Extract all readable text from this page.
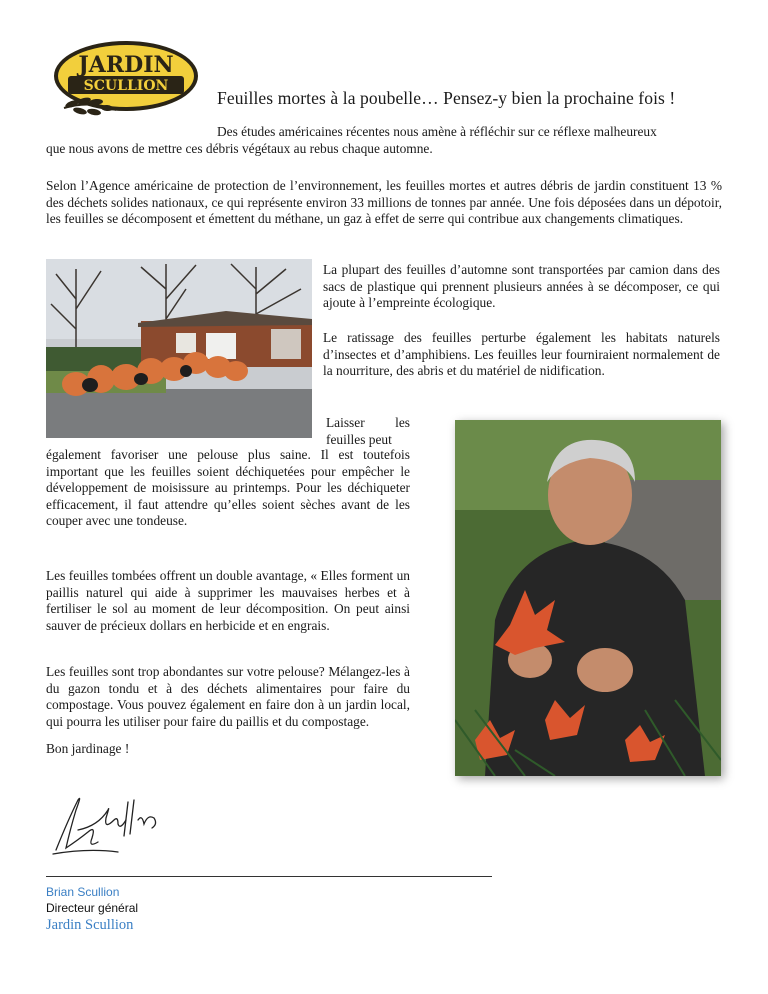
JARDIN
SCULLION
Feuilles mortes à la poubelle… Pensez-y bien la prochaine fois !
Des études américaines récentes nous amène à réfléchir sur ce réflexe malheureux
que nous avons de mettre ces débris végétaux au rebus chaque automne.

Selon l’Agence américaine de protection de l’environnement, les feuilles mortes et autres débris de jardin constituent 13 % des déchets solides nationaux, ce qui représente environ 33 millions de tonnes par année. Une fois déposées dans un dépotoir, les feuilles se décomposent et émettent du méthane, un gaz à effet de serre qui contribue aux changements climatiques.

La plupart des feuilles d’automne sont transportées par camion dans des sacs de plastique qui prennent plusieurs années à se décomposer, ce qui ajoute à l’empreinte écologique.

Le ratissage des feuilles perturbe également les habitats naturels d’insectes et d’amphibiens. Les feuilles leur fourniraient normalement de la nourriture, des abris et du matériel de nidification.

Laisser les feuilles peut

également favoriser une pelouse plus saine. Il est toutefois important que les feuilles soient déchiquetées pour empêcher le développement de moisissure au printemps. Pour les déchiqueter efficacement, il faut attendre qu’elles soient sèches avant de les couper avec une tondeuse.

Les feuilles tombées offrent un double avantage, « Elles forment un paillis naturel qui aide à supprimer les mauvaises herbes et à fertiliser le sol au moment de leur décomposition. On peut ainsi sauver de précieux dollars en herbicide et en engrais.

Les feuilles sont trop abondantes sur votre pelouse? Mélangez-les à du gazon tondu et à des déchets alimentaires pour faire du compostage. Vous pouvez également en faire don à un jardin local, qui pourra les utiliser pour faire du paillis et du compostage.

Bon jardinage !
Brian Scullion
Directeur général
Jardin Scullion
